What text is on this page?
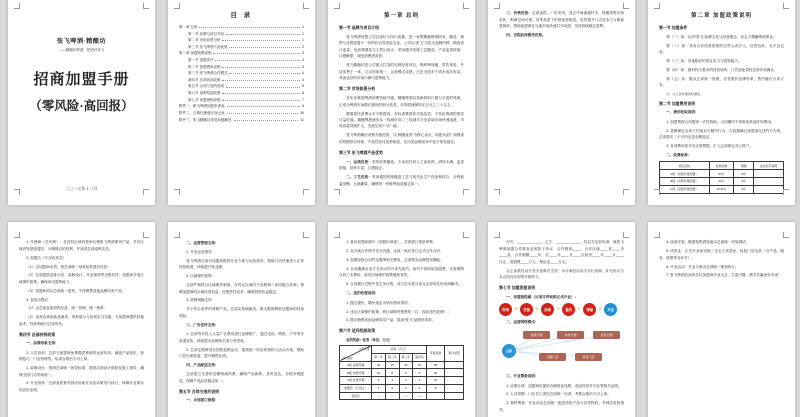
张飞啤酒·精酿坊
——精酿好啤酒，把酒对张飞
招商加盟手册
（零风险·高回报）
二〇一七年十二月
目 录
第一章 总则	1
第一节 品牌与项目介绍	1
第二节 市场前景分析	1
第三节 张飞啤酒产品优势	2
第二章 加盟政策说明	3
第一节 加盟条件	3
第二节 加盟费用说明	3
第三节 张飞啤酒合作模式	4
第四节 总部扶持政策	4
第五节 合同与违约说明	5
第六节 返利奖励政策	6
第七节 加盟流程说明	7
附件一、张飞啤酒加盟申请表	9
附件二、区域代理意向登记表	10
附件三、张飞精酿坊常见问题解答	11
第一章 总则
第一节 品牌与项目介绍
张飞啤酒有限公司总部位于四川成都，是一家集精酿啤酒研发、酿造、销售与连锁加盟于一体的综合性酒业企业。公司以“张飞”文化为品牌内核，精选进口麦芽、优质啤酒花与天然山泉水，采用德式传统工艺酿造，产品麦香浓郁、口感醇厚，深受消费者喜爱。
张飞精酿坊是公司重点打造的连锁经营项目，集鲜啤现酿、堂饮体验、外送零售于一体，门店形象统一、运营模式成熟，已在全国多个省市成功布局，具备良好的市场口碑与盈利能力。
第二节 市场前景分析
近年来我国啤酒消费持续升级，精酿啤酒以其新鲜的口感与丰富的风味，正成为啤酒市场增长最快的细分品类，年均增速保持在百分之三十以上。
随着居民消费水平不断提高，年轻消费群体对高品质、个性化啤酒的需求日益旺盛，精酿啤酒逐步从一线城市向二三线城市乃至县域市场快速渗透，市场容量持续扩大，发展空间十分广阔。
张飞啤酒顺应消费升级趋势，以“鲜酿直供”为核心卖点，构建从酒厂到餐桌的短链供应体系，产品性价比优势明显，在同类品牌竞争中处于领先地位。
第三节 张飞啤酒产品优势
一、品质优势：坚持原浆酿造，不添加任何人工添加剂，酒体丰满、麦香浓郁，营养丰富，口感纯正。
二、工艺优势：采用德国传统酿造工艺与现代化生产设备相结合，全程低温发酵、无菌灌装，确保每一杯鲜啤品质稳定如一。
三、价格优势：总部直供、厂价发货，省去中间流通环节，终端零售价格亲民，利润空间可观；同等品质下价格优势明显，有效提升门店竞争力与顾客复购率，帮助加盟商在当地市场快速打开局面，实现持续稳定盈利。
四、全程扶持服务优势。
第二章 加盟政策说明
第一节 加盟条件
第（一）条：认同“张飞”品牌文化与经营理念，有志于精酿啤酒事业；
第（二）条：具有合法经营资格的自然人或法人，信誉良好、无不良记录；
第（三）条：具备相应的资金实力与投资能力；
第（四）条：拥有符合要求的经营场所，门店选址须经总部评估确认；
第（五）条：服从总部统一管理，自觉维护品牌形象，按约履行合同义务；
注：以上条件须同时满足。
第二节 加盟费用说明
一、费用收取说明：
1. 加盟费按合作级别一次性收取，合同期内不再收取其他任何费用。
2. 品牌保证金用于约束双方履约行为，合同期满且加盟商无违约行为的，总部将在三十日内无息全额退还。
3. 各项费用均开具正规票据，汇入总部指定对公账户。
二、收费标准：
项目名称	收费金额	期限	备注补充说明
A级（省级代理加盟）	50万	5年	
B级（市级代理加盟）	30万	3年	
C级（县级代理加盟）	10-20万	3年	
1. 代理商（总代理）：在授权区域内独家代理张飞啤酒系列产品，享有区域内发展加盟店、分销网点的权利，并获得总部返利支持。
2. 加盟店（专卖店形式）：
（1）由加盟商出资，按总部统一形象标准建店经营；
（2）总部提供选址评估、装修设计、开业指导等全程扶持，加盟商享受区域保护政策，确保单店盈利能力；
（3）加盟商须从总部统一进货，不得销售其他品牌同类产品。
3. 直营店模式：
（1）由总部直接投资经营，统一管理、统一核算；
（2）直营店承担新品测试、形象展示与培训实习功能，为加盟商提供样板参考，经营利润归总部所有。
第四节 总部扶持政策
一、品牌形象支持：
1. 人员培训：总部为加盟商免费提供系统的运营培训，涵盖产品知识、营销技巧、门店管理等，培训合格后方可上岗。
2. 装修设计：按照总部统一视觉标准，提供店面设计图纸及施工指导，确保全国门店形象统一。
3. 开业指导：总部委派督导到店协助开业活动策划与执行，保障开业即实现良好业绩。
二、运营管理支持：
1. 开业运营指导：
张飞啤酒总部为加盟商提供开业方案与运营指导，帮助门店快速进入正常经营轨道，持续提升营业额。
2. 区域保护政策：
总部严格执行区域保护制度，在约定区域内不发展第二家同级合作商，保障加盟商的区域经营权益，杜绝恶性竞争，确保投资收益稳定。
3. 滞销调换支持：
对于符合条件的滞销产品，总部支持调换货，最大限度降低加盟商的经营风险。
三、广告宣传支持：
1. 总部每年投入大量广告费用进行品牌推广，通过电视、网络、户外等多渠道宣传，持续提升品牌知名度与美誉度。
2. 总部定期策划全国性促销活动，提供统一的宣传物料与活动方案，帮助门店引流获客，提升销售业绩。
四、产品配送支持：
总部建立完善的仓储物流体系，确保产品新鲜、及时送达，全程冷链配送，保障产品品质稳定如一。
第五节 合同与违约说明
一、合同签订流程：
1. 意向加盟商填写《加盟申请表》，总部进行资质审核；
2. 双方就合作细节充分沟通，达成一致后签订正式合作合同；
3. 加盟商按合同约定缴纳相关费用，总部核发品牌授权牌匾；
4. 合同期满后双方无异议的可优先续约，续约不再收取加盟费，仅需缴纳合同工本费用，原有区域保护政策继续有效。
5. 合同履行过程中发生争议的，双方应本着互谅互让原则友好协商解决。
二、违约处理说明：
1. 擅自提价、降价扰乱市场价格体系的；
2. 违反区域保护政策、跨区域窜货销售的（注：视同违约处理）；
3. 擅自销售其他品牌同类产品，损害“张飞”品牌形象的。
第六节 返利奖励政策
返利奖励一览表（单位：万元）
返利年度
合作级别	返利（万元）				年度奖励	累计返利
	第一年	第二年	第三年	第四年		
A级·省级代理	20	15	10	10	55	
B级·市级代理	10	8	6	6	30	
C级·县级代理	5	4	3	3	15	
加盟店（专卖店）	2	2	2	2	8	
直营店	—	—	—	—		
甲方：____________；乙方：____________。经双方友好协商，就张飞啤酒加盟合作事宜达成如下协议：合作级别____，合作区域____省____市____县，合作期限____年，自____年____月____日起至____年____月____日止；加盟费____万元，保证金____万元。
以上条款经双方签字盖章后生效；未尽事宜由双方另行协商，补充协议与本合同具有同等法律效力。
第七节 加盟流程说明
一、加盟流程图（从项目咨询到正式开业）：
咨询	»	考察	»	洽谈	»	签约	»	筹备	»	开业
二、运营网络模式：
总部
省级代理	市级代理	县级代理
加盟门店	直营门店
三、开业筹备说明：
1. 证照办理：加盟商应提前办理营业执照、食品经营许可证等相关证照。
2. 人员招聘：门店员工须经总部统一培训，考核合格后方可上岗。
3. 物料筹备：开业前由总部统一配送首批产品与宣传物料，并到店验收指导。
4. 设备安装：酿酒及售酒设备由总部统一安装调试。
5. 试营业：正式开业前安排三至五天试营业，检验门店运营（含产品、服务、收银等各环节）。
6. 开业活动：开业方案由总部统一策划执行。
7. 张飞啤酒总部祝各位加盟商开业大吉、生意兴隆，携手共赢美好未来！
